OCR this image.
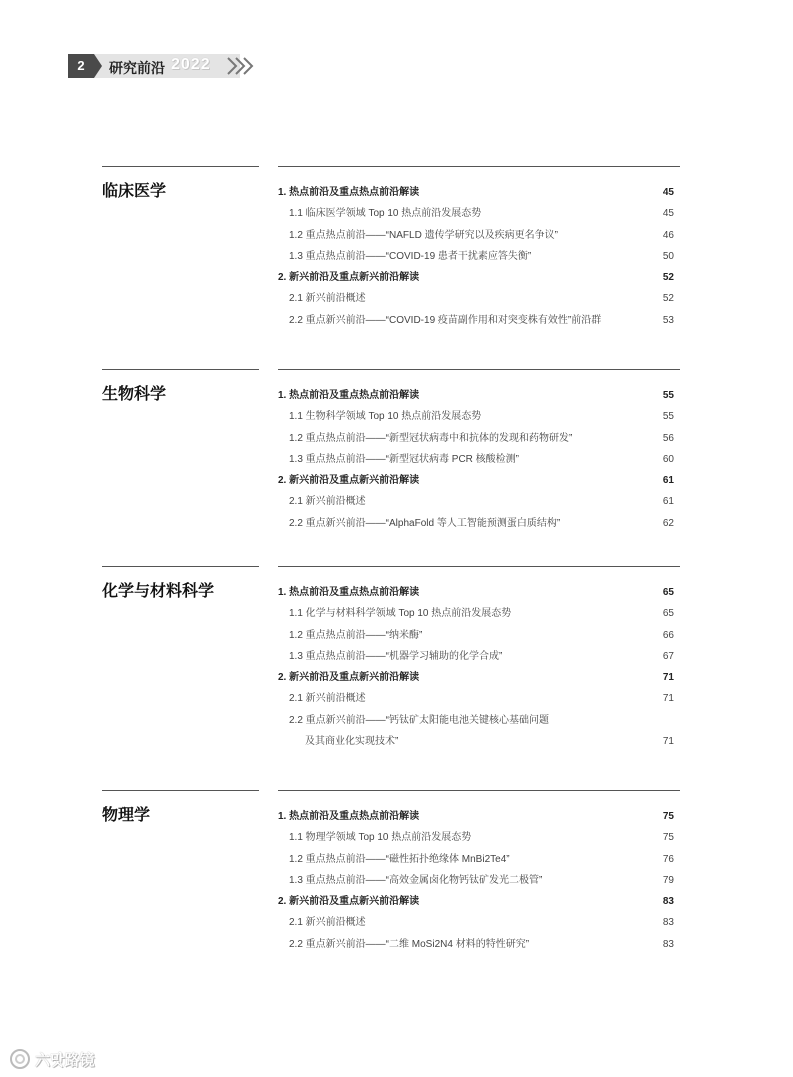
2	研究前沿 2022
临床医学	1. 热点前沿及重点热点前沿解读	45
1.1 临床医学领域 Top 10 热点前沿发展态势	45
1.2 重点热点前沿——“NAFLD 遗传学研究以及疾病更名争议”	46
1.3 重点热点前沿——“COVID-19 患者干扰素应答失衡”	50
2. 新兴前沿及重点新兴前沿解读	52
2.1 新兴前沿概述	52
2.2 重点新兴前沿——“COVID-19 疫苗副作用和对突变株有效性”前沿群	53
生物科学	1. 热点前沿及重点热点前沿解读	55
1.1 生物科学领域 Top 10 热点前沿发展态势	55
1.2 重点热点前沿——“新型冠状病毒中和抗体的发现和药物研发”	56
1.3 重点热点前沿——“新型冠状病毒 PCR 核酸检测”	60
2. 新兴前沿及重点新兴前沿解读	61
2.1 新兴前沿概述	61
2.2 重点新兴前沿——“AlphaFold 等人工智能预测蛋白质结构”	62
化学与材料科学	1. 热点前沿及重点热点前沿解读	65
1.1 化学与材料科学领域 Top 10 热点前沿发展态势	65
1.2 重点热点前沿——“纳米酶”	66
1.3 重点热点前沿——“机器学习辅助的化学合成”	67
2. 新兴前沿及重点新兴前沿解读	71
2.1 新兴前沿概述	71
2.2 重点新兴前沿——“钙钛矿太阳能电池关键核心基础问题
及其商业化实现技术”	71
物理学	1. 热点前沿及重点热点前沿解读	75
1.1 物理学领域 Top 10 热点前沿发展态势	75
1.2 重点热点前沿——“磁性拓扑绝缘体 MnBi2Te4”	76
1.3 重点热点前沿——“高效金属卤化物钙钛矿发光二极管”	79
2. 新兴前沿及重点新兴前沿解读	83
2.1 新兴前沿概述	83
2.2 重点新兴前沿——“二维 MoSi2N4 材料的特性研究”	83
六맛路镜
